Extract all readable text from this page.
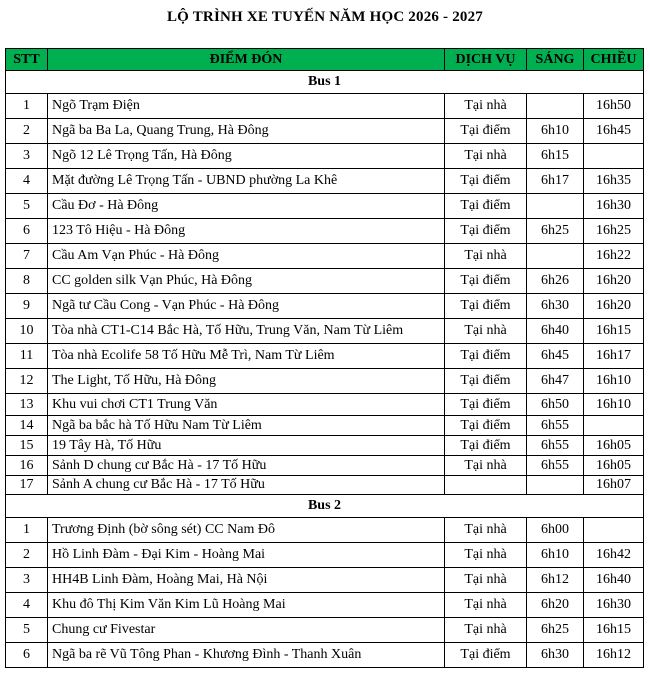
LỘ TRÌNH XE TUYẾN NĂM HỌC 2026 - 2027
STT	ĐIỂM ĐÓN	DỊCH VỤ	SÁNG	CHIỀU
Bus 1				
1	Ngõ Trạm Điện	Tại nhà		16h50
2	Ngã ba Ba La, Quang Trung, Hà Đông	Tại điểm	6h10	16h45
3	Ngõ 12 Lê Trọng Tấn, Hà Đông	Tại nhà	6h15	
4	Mặt đường Lê Trọng Tấn - UBND phường La Khê	Tại điểm	6h17	16h35
5	Cầu Đơ - Hà Đông	Tại điểm		16h30
6	123 Tô Hiệu - Hà Đông	Tại điểm	6h25	16h25
7	Cầu Am Vạn Phúc - Hà Đông	Tại nhà		16h22
8	CC golden silk Vạn Phúc, Hà Đông	Tại điểm	6h26	16h20
9	Ngã tư Cầu Cong - Vạn Phúc - Hà Đông	Tại điểm	6h30	16h20
10	Tòa nhà CT1-C14 Bắc Hà, Tố Hữu, Trung Văn, Nam Từ Liêm	Tại nhà	6h40	16h15
11	Tòa nhà Ecolife 58 Tố Hữu Mễ Trì, Nam Từ Liêm	Tại điểm	6h45	16h17
12	The Light, Tố Hữu, Hà Đông	Tại điểm	6h47	16h10
13	Khu vui chơi CT1 Trung Văn	Tại điểm	6h50	16h10
14	Ngã ba bắc hà Tố Hữu Nam Từ Liêm	Tại điểm	6h55	
15	19 Tây Hà, Tố Hữu	Tại điểm	6h55	16h05
16	Sảnh D chung cư Bắc Hà - 17 Tố Hữu	Tại nhà	6h55	16h05
17	Sảnh A chung cư Bắc Hà - 17 Tố Hữu			16h07
Bus 2				
1	Trương Định (bờ sông sét) CC Nam Đô	Tại nhà	6h00	
2	Hồ Linh Đàm - Đại Kim - Hoàng Mai	Tại nhà	6h10	16h42
3	HH4B Linh Đàm, Hoàng Mai, Hà Nội	Tại nhà	6h12	16h40
4	Khu đô Thị Kim Văn Kim Lũ Hoàng Mai	Tại nhà	6h20	16h30
5	Chung cư Fivestar	Tại nhà	6h25	16h15
6	Ngã ba rẽ Vũ Tông Phan - Khương Đình - Thanh Xuân	Tại điểm	6h30	16h12
